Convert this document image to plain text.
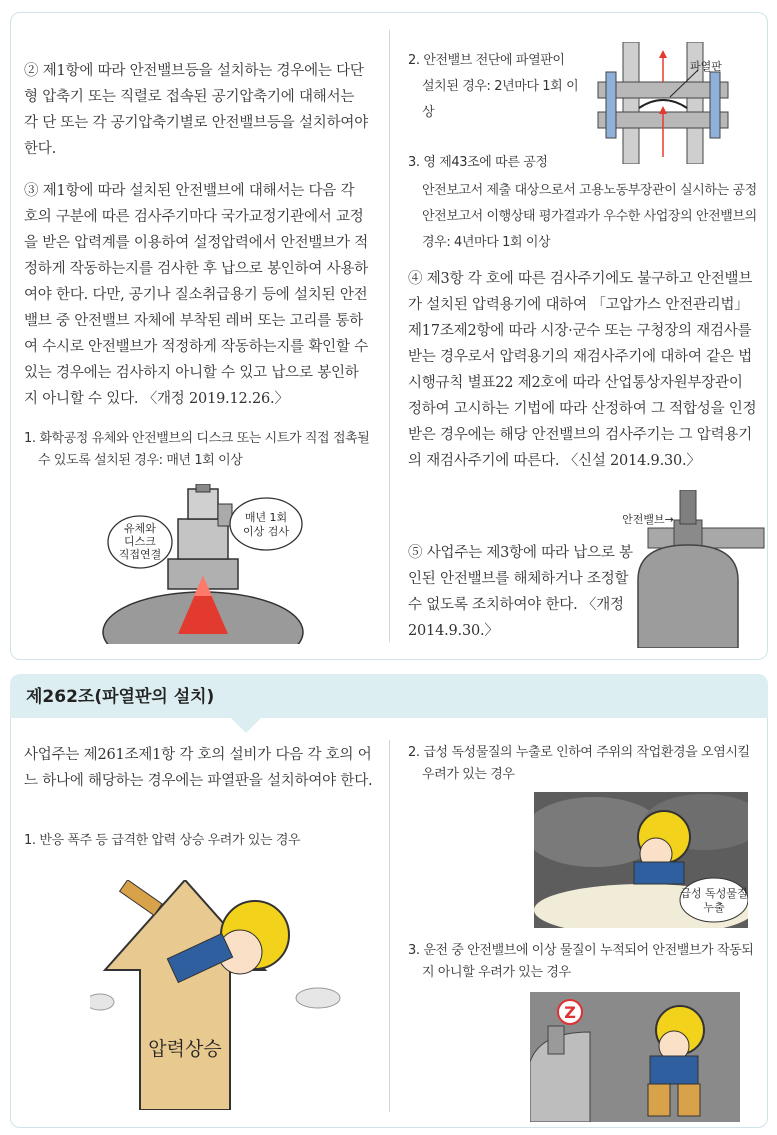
② 제1항에 따라 안전밸브등을 설치하는 경우에는 다단형 압축기 또는 직렬로 접속된 공기압축기에 대해서는 각 단 또는 각 공기압축기별로 안전밸브등을 설치하여야 한다.
③ 제1항에 따라 설치된 안전밸브에 대해서는 다음 각 호의 구분에 따른 검사주기마다 국가교정기관에서 교정을 받은 압력계를 이용하여 설정압력에서 안전밸브가 적정하게 작동하는지를 검사한 후 납으로 봉인하여 사용하여야 한다. 다만, 공기나 질소취급용기 등에 설치된 안전밸브 중 안전밸브 자체에 부착된 레버 또는 고리를 통하여 수시로 안전밸브가 적정하게 작동하는지를 확인할 수 있는 경우에는 검사하지 아니할 수 있고 납으로 봉인하지 아니할 수 있다. 〈개정 2019.12.26.〉
1. 화학공정 유체와 안전밸브의 디스크 또는 시트가 직접 접촉될 수 있도록 설치된 경우: 매년 1회 이상
유체와
디스크
직접연결
매년 1회
이상 검사
2. 안전밸브 전단에 파열판이 설치된 경우: 2년마다 1회 이상
파열판
3. 영 제43조에 따른 공정
안전보고서 제출 대상으로서 고용노동부장관이 실시하는 공정안전보고서 이행상태 평가결과가 우수한 사업장의 안전밸브의 경우: 4년마다 1회 이상
④ 제3항 각 호에 따른 검사주기에도 불구하고 안전밸브가 설치된 압력용기에 대하여 「고압가스 안전관리법」 제17조제2항에 따라 시장·군수 또는 구청장의 재검사를 받는 경우로서 압력용기의 재검사주기에 대하여 같은 법 시행규칙 별표22 제2호에 따라 산업통상자원부장관이 정하여 고시하는 기법에 따라 산정하여 그 적합성을 인정받은 경우에는 해당 안전밸브의 검사주기는 그 압력용기의 재검사주기에 따른다. 〈신설 2014.9.30.〉
⑤ 사업주는 제3항에 따라 납으로 봉인된 안전밸브를 해체하거나 조정할 수 없도록 조치하여야 한다. 〈개정 2014.9.30.〉
안전밸브→
제262조(파열판의 설치)
사업주는 제261조제1항 각 호의 설비가 다음 각 호의 어느 하나에 해당하는 경우에는 파열판을 설치하여야 한다.
1. 반응 폭주 등 급격한 압력 상승 우려가 있는 경우
압력상승
2. 급성 독성물질의 누출로 인하여 주위의 작업환경을 오염시킬 우려가 있는 경우
급성 독성물질
누출
3. 운전 중 안전밸브에 이상 물질이 누적되어 안전밸브가 작동되지 아니할 우려가 있는 경우
Z
